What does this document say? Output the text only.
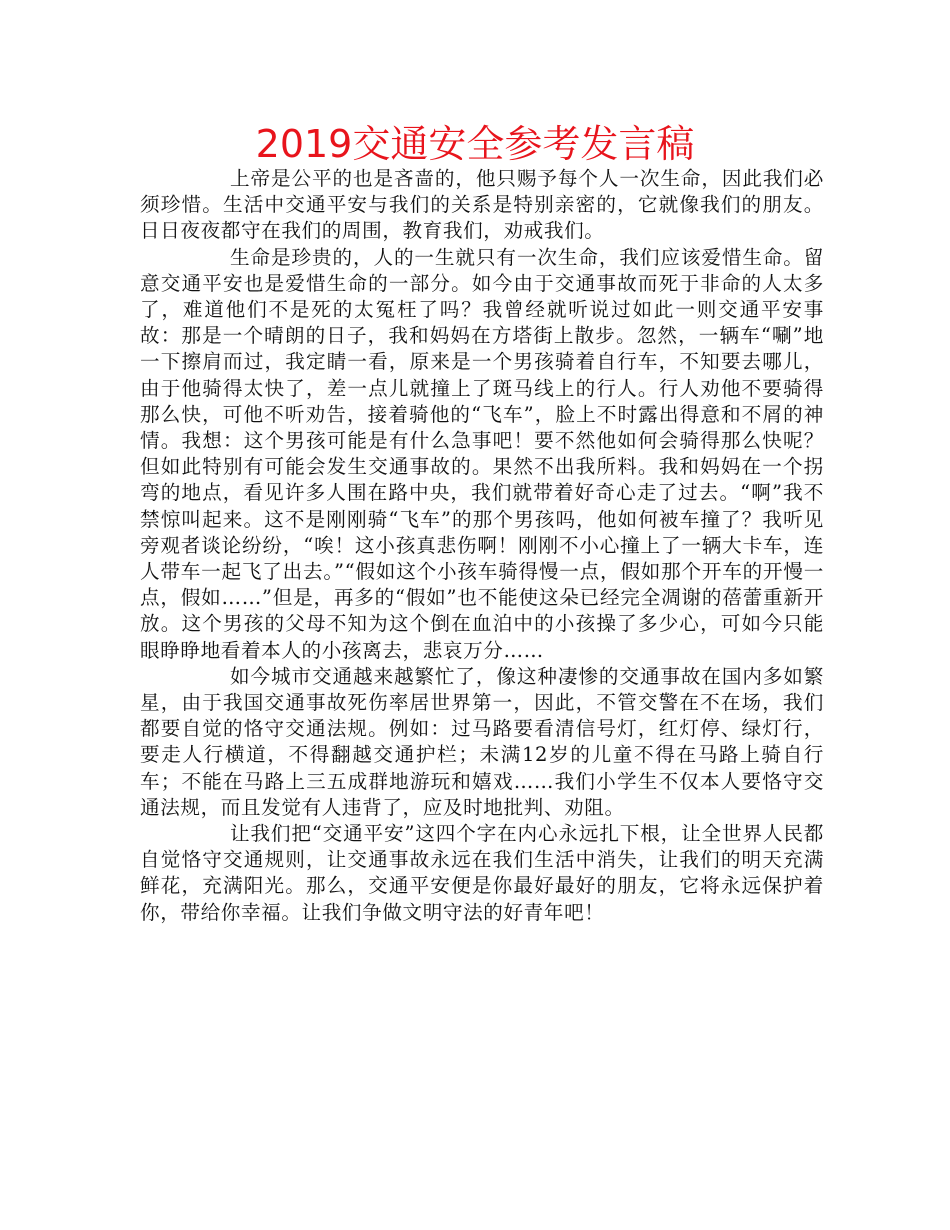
2019交通安全参考发言稿

上帝是公平的也是吝啬的，他只赐予每个人一次生命，因此我们必须珍惜。生活中交通平安与我们的关系是特别亲密的，它就像我们的朋友。日日夜夜都守在我们的周围，教育我们，劝戒我们。

生命是珍贵的，人的一生就只有一次生命，我们应该爱惜生命。留意交通平安也是爱惜生命的一部分。如今由于交通事故而死于非命的人太多了，难道他们不是死的太冤枉了吗？我曾经就听说过如此一则交通平安事故：那是一个晴朗的日子，我和妈妈在方塔街上散步。忽然，一辆车“唰”地一下擦肩而过，我定睛一看，原来是一个男孩骑着自行车，不知要去哪儿，由于他骑得太快了，差一点儿就撞上了斑马线上的行人。行人劝他不要骑得那么快，可他不听劝告，接着骑他的“飞车”，脸上不时露出得意和不屑的神情。我想：这个男孩可能是有什么急事吧！要不然他如何会骑得那么快呢？但如此特别有可能会发生交通事故的。果然不出我所料。我和妈妈在一个拐弯的地点，看见许多人围在路中央，我们就带着好奇心走了过去。“啊”我不禁惊叫起来。这不是刚刚骑“飞车”的那个男孩吗，他如何被车撞了？我听见旁观者谈论纷纷，“唉！这小孩真悲伤啊！刚刚不小心撞上了一辆大卡车，连人带车一起飞了出去。”“假如这个小孩车骑得慢一点，假如那个开车的开慢一点，假如……”但是，再多的“假如”也不能使这朵已经完全凋谢的蓓蕾重新开放。这个男孩的父母不知为这个倒在血泊中的小孩操了多少心，可如今只能眼睁睁地看着本人的小孩离去，悲哀万分……

如今城市交通越来越繁忙了，像这种凄惨的交通事故在国内多如繁星，由于我国交通事故死伤率居世界第一，因此，不管交警在不在场，我们都要自觉的恪守交通法规。例如：过马路要看清信号灯，红灯停、绿灯行，要走人行横道，不得翻越交通护栏；未满12岁的儿童不得在马路上骑自行车；不能在马路上三五成群地游玩和嬉戏……我们小学生不仅本人要恪守交通法规，而且发觉有人违背了，应及时地批判、劝阻。

让我们把“交通平安”这四个字在内心永远扎下根，让全世界人民都自觉恪守交通规则，让交通事故永远在我们生活中消失，让我们的明天充满鲜花，充满阳光。那么，交通平安便是你最好最好的朋友，它将永远保护着你，带给你幸福。让我们争做文明守法的好青年吧！
